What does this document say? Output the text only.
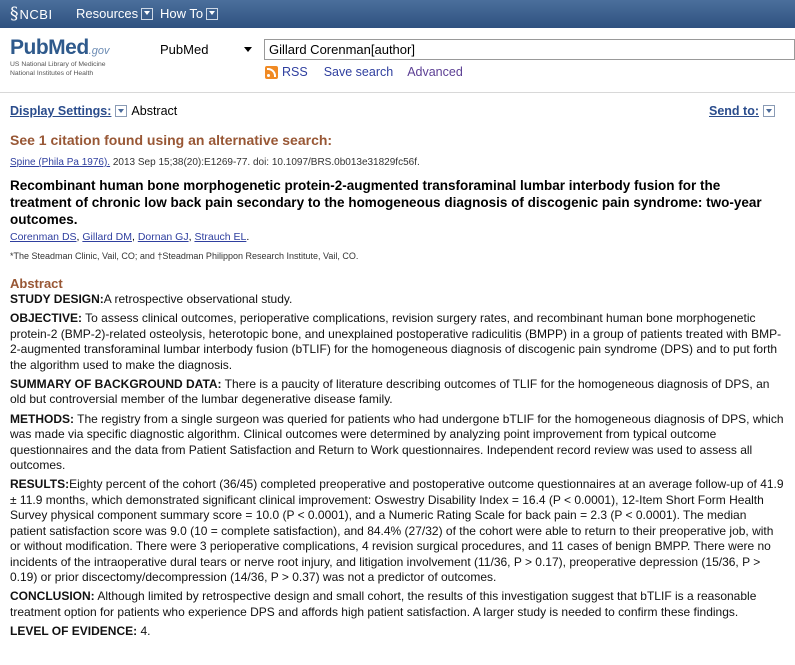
§ NCBI Resources How To
PubMed.gov
US National Library of Medicine
National Institutes of Health
PubMed
Gillard Corenman[author]
RSS Save search Advanced
Display Settings: Abstract	Send to:
See 1 citation found using an alternative search:
Spine (Phila Pa 1976). 2013 Sep 15;38(20):E1269-77. doi: 10.1097/BRS.0b013e31829fc56f.
Recombinant human bone morphogenetic protein-2-augmented transforaminal lumbar interbody fusion for the treatment of chronic low back pain secondary to the homogeneous diagnosis of discogenic pain syndrome: two-year outcomes.
Corenman DS, Gillard DM, Dornan GJ, Strauch EL.
*The Steadman Clinic, Vail, CO; and †Steadman Philippon Research Institute, Vail, CO.
Abstract

STUDY DESIGN:A retrospective observational study.

OBJECTIVE: To assess clinical outcomes, perioperative complications, revision surgery rates, and recombinant human bone morphogenetic protein-2 (BMP-2)-related osteolysis, heterotopic bone, and unexplained postoperative radiculitis (BMPP) in a group of patients treated with BMP-2-augmented transforaminal lumbar interbody fusion (bTLIF) for the homogeneous diagnosis of discogenic pain syndrome (DPS) and to put forth the algorithm used to make the diagnosis.

SUMMARY OF BACKGROUND DATA: There is a paucity of literature describing outcomes of TLIF for the homogeneous diagnosis of DPS, an old but controversial member of the lumbar degenerative disease family.

METHODS: The registry from a single surgeon was queried for patients who had undergone bTLIF for the homogeneous diagnosis of DPS, which was made via specific diagnostic algorithm. Clinical outcomes were determined by analyzing point improvement from typical outcome questionnaires and the data from Patient Satisfaction and Return to Work questionnaires. Independent record review was used to assess all outcomes.

RESULTS:Eighty percent of the cohort (36/45) completed preoperative and postoperative outcome questionnaires at an average follow-up of 41.9 ± 11.9 months, which demonstrated significant clinical improvement: Oswestry Disability Index = 16.4 (P < 0.0001), 12-Item Short Form Health Survey physical component summary score = 10.0 (P < 0.0001), and a Numeric Rating Scale for back pain = 2.3 (P < 0.0001). The median patient satisfaction score was 9.0 (10 = complete satisfaction), and 84.4% (27/32) of the cohort were able to return to their preoperative job, with or without modification. There were 3 perioperative complications, 4 revision surgical procedures, and 11 cases of benign BMPP. There were no incidents of the intraoperative dural tears or nerve root injury, and litigation involvement (11/36, P > 0.17), preoperative depression (15/36, P > 0.19) or prior discectomy/decompression (14/36, P > 0.37) was not a predictor of outcomes.

CONCLUSION: Although limited by retrospective design and small cohort, the results of this investigation suggest that bTLIF is a reasonable treatment option for patients who experience DPS and affords high patient satisfaction. A larger study is needed to confirm these findings.

LEVEL OF EVIDENCE: 4.
